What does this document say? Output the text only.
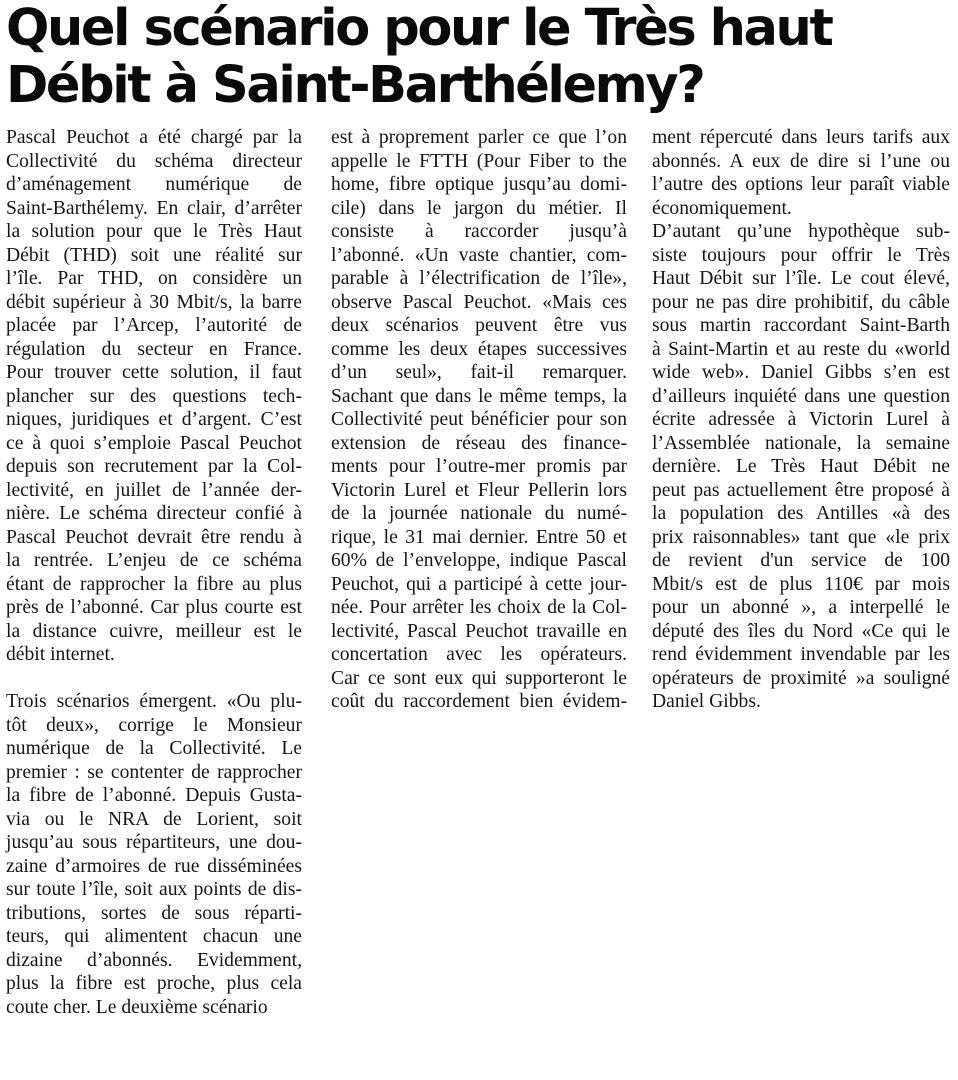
Quel scénario pour le Très haut
Débit à Saint-Barthélemy?

Pascal Peuchot a été chargé par la

Collectivité du schéma directeur

d’aménagement numérique de

Saint-Barthélemy. En clair, d’arrêter

la solution pour que le Très Haut

Débit (THD) soit une réalité sur

l’île. Par THD, on considère un

débit supérieur à 30 Mbit/s, la barre

placée par l’Arcep, l’autorité de

régulation du secteur en France.

Pour trouver cette solution, il faut

plancher sur des questions tech-

niques, juridiques et d’argent. C’est

ce à quoi s’emploie Pascal Peuchot

depuis son recrutement par la Col-

lectivité, en juillet de l’année der-

nière. Le schéma directeur confié à

Pascal Peuchot devrait être rendu à

la rentrée. L’enjeu de ce schéma

étant de rapprocher la fibre au plus

près de l’abonné. Car plus courte est

la distance cuivre, meilleur est le

débit internet.

Trois scénarios émergent. «Ou plu-

tôt deux», corrige le Monsieur

numérique de la Collectivité. Le

premier : se contenter de rapprocher

la fibre de l’abonné. Depuis Gusta-

via ou le NRA de Lorient, soit

jusqu’au sous répartiteurs, une dou-

zaine d’armoires de rue disséminées

sur toute l’île, soit aux points de dis-

tributions, sortes de sous réparti-

teurs, qui alimentent chacun une

dizaine d’abonnés. Evidemment,

plus la fibre est proche, plus cela

coute cher. Le deuxième scénario

est à proprement parler ce que l’on

appelle le FTTH (Pour Fiber to the

home, fibre optique jusqu’au domi-

cile) dans le jargon du métier. Il

consiste à raccorder jusqu’à

l’abonné. «Un vaste chantier, com-

parable à l’électrification de l’île»,

observe Pascal Peuchot. «Mais ces

deux scénarios peuvent être vus

comme les deux étapes successives

d’un seul», fait-il remarquer.

Sachant que dans le même temps, la

Collectivité peut bénéficier pour son

extension de réseau des finance-

ments pour l’outre-mer promis par

Victorin Lurel et Fleur Pellerin lors

de la journée nationale du numé-

rique, le 31 mai dernier. Entre 50 et

60% de l’enveloppe, indique Pascal

Peuchot, qui a participé à cette jour-

née. Pour arrêter les choix de la Col-

lectivité, Pascal Peuchot travaille en

concertation avec les opérateurs.

Car ce sont eux qui supporteront le

coût du raccordement bien évidem-

ment répercuté dans leurs tarifs aux

abonnés. A eux de dire si l’une ou

l’autre des options leur paraît viable

économiquement.

D’autant qu’une hypothèque sub-

siste toujours pour offrir le Très

Haut Débit sur l’île. Le cout élevé,

pour ne pas dire prohibitif, du câble

sous martin raccordant Saint-Barth

à Saint-Martin et au reste du «world

wide web». Daniel Gibbs s’en est

d’ailleurs inquiété dans une question

écrite adressée à Victorin Lurel à

l’Assemblée nationale, la semaine

dernière. Le Très Haut Débit ne

peut pas actuellement être proposé à

la population des Antilles «à des

prix raisonnables» tant que «le prix

de revient d'un service de 100

Mbit/s est de plus 110€ par mois

pour un abonné », a interpellé le

député des îles du Nord «Ce qui le

rend évidemment invendable par les

opérateurs de proximité »a souligné

Daniel Gibbs.
